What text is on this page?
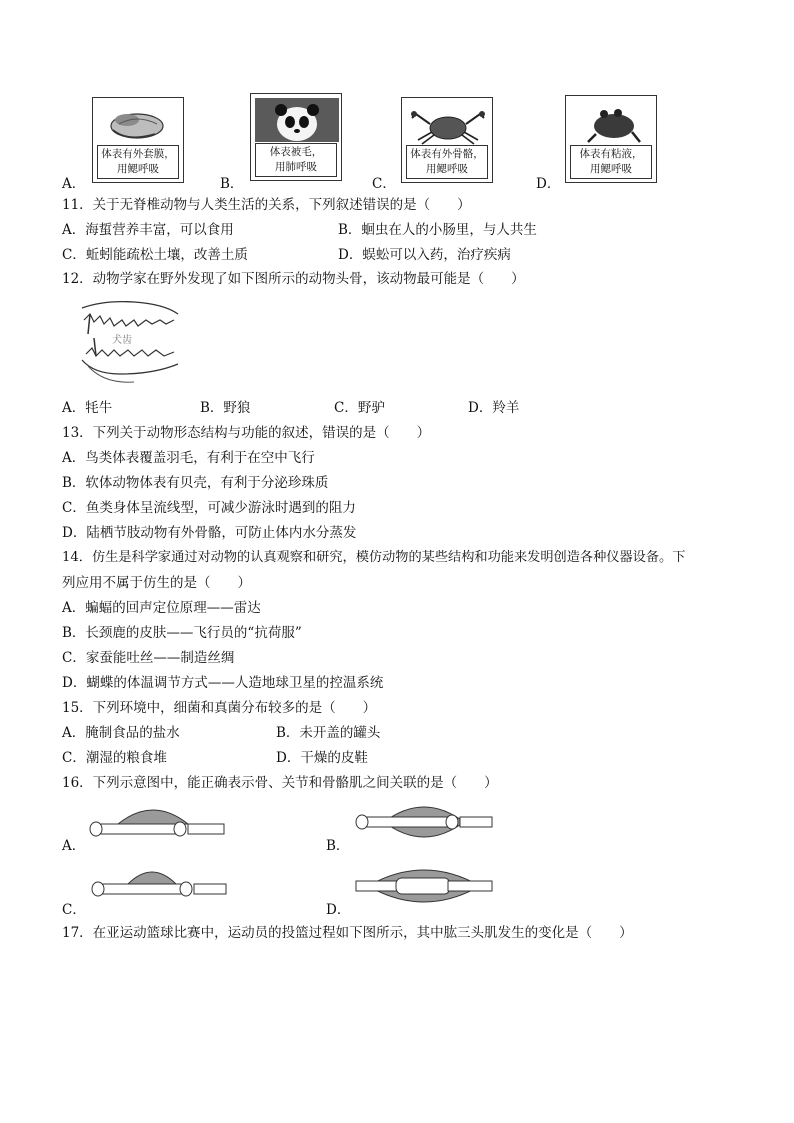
A．
体表有外套膜，
用鳃呼吸
B．
体表被毛，
用肺呼吸
C．
体表有外骨骼，
用鳃呼吸
D．
体表有粘液，
用鳃呼吸
11．关于无脊椎动物与人类生活的关系，下列叙述错误的是（　　）
A．海蜇营养丰富，可以食用	B．蛔虫在人的小肠里，与人共生
C．蚯蚓能疏松土壤，改善土质	D．蜈蚣可以入药，治疗疾病
12．动物学家在野外发现了如下图所示的动物头骨，该动物最可能是（　　）
犬齿
A．牦牛	B．野狼	C．野驴	D．羚羊
13．下列关于动物形态结构与功能的叙述，错误的是（　　）
A．鸟类体表覆盖羽毛，有利于在空中飞行
B．软体动物体表有贝壳，有利于分泌珍珠质
C．鱼类身体呈流线型，可减少游泳时遇到的阻力
D．陆栖节肢动物有外骨骼，可防止体内水分蒸发
14．仿生是科学家通过对动物的认真观察和研究，模仿动物的某些结构和功能来发明创造各种仪器设备。下
列应用不属于仿生的是（　　）
A．蝙蝠的回声定位原理——雷达
B．长颈鹿的皮肤——飞行员的“抗荷服”
C．家蚕能吐丝——制造丝绸
D．蝴蝶的体温调节方式——人造地球卫星的控温系统
15．下列环境中，细菌和真菌分布较多的是（　　）
A．腌制食品的盐水	B．未开盖的罐头
C．潮湿的粮食堆	D．干燥的皮鞋
16．下列示意图中，能正确表示骨、关节和骨骼肌之间关联的是（　　）
A．	B．
C．	D．
17．在亚运动篮球比赛中，运动员的投篮过程如下图所示，其中肱三头肌发生的变化是（　　）
